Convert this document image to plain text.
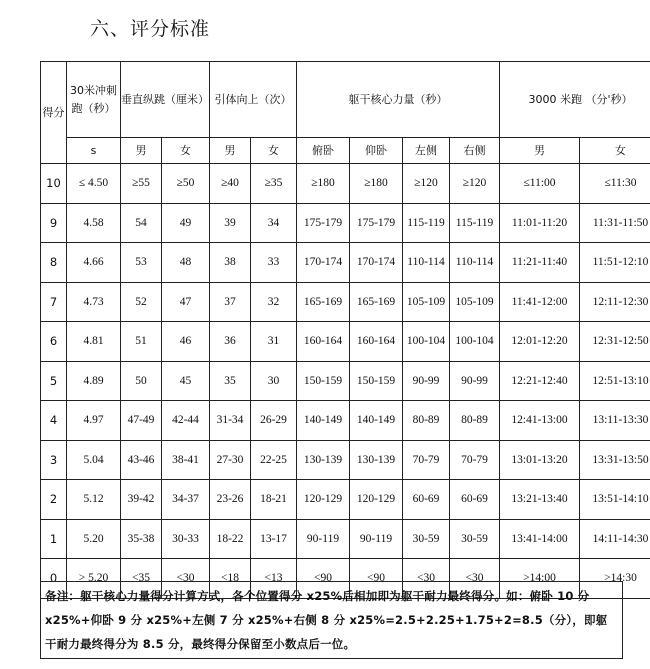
六、评分标准
得分	30米冲刺跑（秒）	垂直纵跳（厘米）		引体向上（次）		躯干核心力量（秒）				3000 米跑 （分'秒）	
	s	男	女	男	女	俯卧	仰卧	左侧	右侧	男	女
10	≤ 4.50	≥55	≥50	≥40	≥35	≥180	≥180	≥120	≥120	≤11:00	≤11:30
9	4.58	54	49	39	34	175-179	175-179	115-119	115-119	11:01-11:20	11:31-11:50
8	4.66	53	48	38	33	170-174	170-174	110-114	110-114	11:21-11:40	11:51-12:10
7	4.73	52	47	37	32	165-169	165-169	105-109	105-109	11:41-12:00	12:11-12:30
6	4.81	51	46	36	31	160-164	160-164	100-104	100-104	12:01-12:20	12:31-12:50
5	4.89	50	45	35	30	150-159	150-159	90-99	90-99	12:21-12:40	12:51-13:10
4	4.97	47-49	42-44	31-34	26-29	140-149	140-149	80-89	80-89	12:41-13:00	13:11-13:30
3	5.04	43-46	38-41	27-30	22-25	130-139	130-139	70-79	70-79	13:01-13:20	13:31-13:50
2	5.12	39-42	34-37	23-26	18-21	120-129	120-129	60-69	60-69	13:21-13:40	13:51-14:10
1	5.20	35-38	30-33	18-22	13-17	90-119	90-119	30-59	30-59	13:41-14:00	14:11-14:30
0	> 5.20	<35	<30	<18	<13	<90	<90	<30	<30	>14:00	>14:30
备注：躯干核心力量得分计算方式，各个位置得分 x25%后相加即为躯干耐力最终得分。如：俯卧 10 分 x25%+仰卧 9 分 x25%+左侧 7 分 x25%+右侧 8 分 x25%=2.5+2.25+1.75+2=8.5（分），即躯干耐力最终得分为 8.5 分，最终得分保留至小数点后一位。
